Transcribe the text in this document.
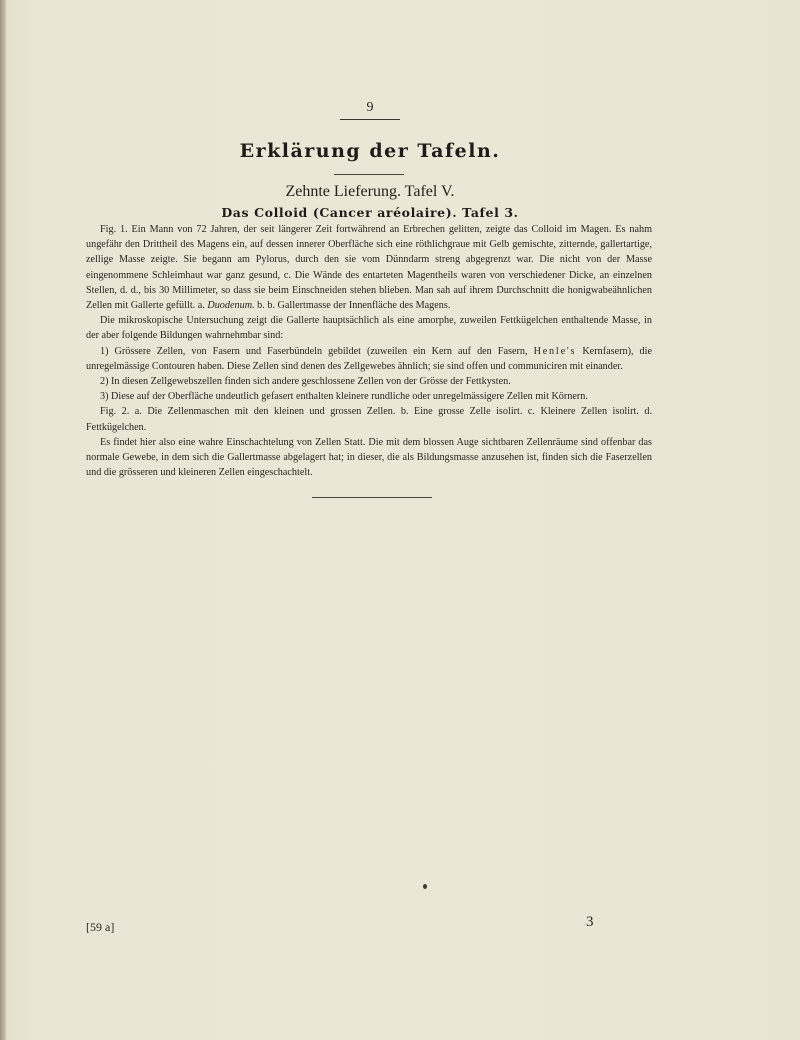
9
Erklärung der Tafeln.
Zehnte Lieferung. Tafel V.
Das Colloid (Cancer aréolaire). Tafel 3.

Fig. 1. Ein Mann von 72 Jahren, der seit längerer Zeit fortwährend an Erbrechen gelitten, zeigte das Colloid im Magen. Es nahm ungefähr den Drittheil des Magens ein, auf dessen innerer Oberfläche sich eine röthlichgraue mit Gelb gemischte, zitternde, gallertartige, zellige Masse zeigte. Sie begann am Pylorus, durch den sie vom Dünndarm streng abgegrenzt war. Die nicht von der Masse eingenommene Schleimhaut war ganz gesund, c. Die Wände des entarteten Magentheils waren von verschiedener Dicke, an einzelnen Stellen, d. d., bis 30 Millimeter, so dass sie beim Einschneiden stehen blieben. Man sah auf ihrem Durchschnitt die honigwabeähnlichen Zellen mit Gallerte gefüllt. a. Duodenum. b. b. Gallertmasse der Innenfläche des Magens.

Die mikroskopische Untersuchung zeigt die Gallerte hauptsächlich als eine amorphe, zuweilen Fettkügelchen enthaltende Masse, in der aber folgende Bildungen wahrnehmbar sind:

1) Grössere Zellen, von Fasern und Faserbündeln gebildet (zuweilen ein Kern auf den Fasern, Henle's Kernfasern), die unregelmässige Contouren haben. Diese Zellen sind denen des Zellgewebes ähnlich; sie sind offen und communiciren mit einander.

2) In diesen Zellgewebszellen finden sich andere geschlossene Zellen von der Grösse der Fettkysten.

3) Diese auf der Oberfläche undeutlich gefasert enthalten kleinere rundliche oder unregelmässigere Zellen mit Körnern.

Fig. 2. a. Die Zellenmaschen mit den kleinen und grossen Zellen. b. Eine grosse Zelle isolirt. c. Kleinere Zellen isolirt. d. Fettkügelchen.

Es findet hier also eine wahre Einschachtelung von Zellen Statt. Die mit dem blossen Auge sichtbaren Zellenräume sind offenbar das normale Gewebe, in dem sich die Gallertmasse abgelagert hat; in dieser, die als Bildungsmasse anzusehen ist, finden sich die Faserzellen und die grösseren und kleineren Zellen eingeschachtelt.

[59 a]	3
